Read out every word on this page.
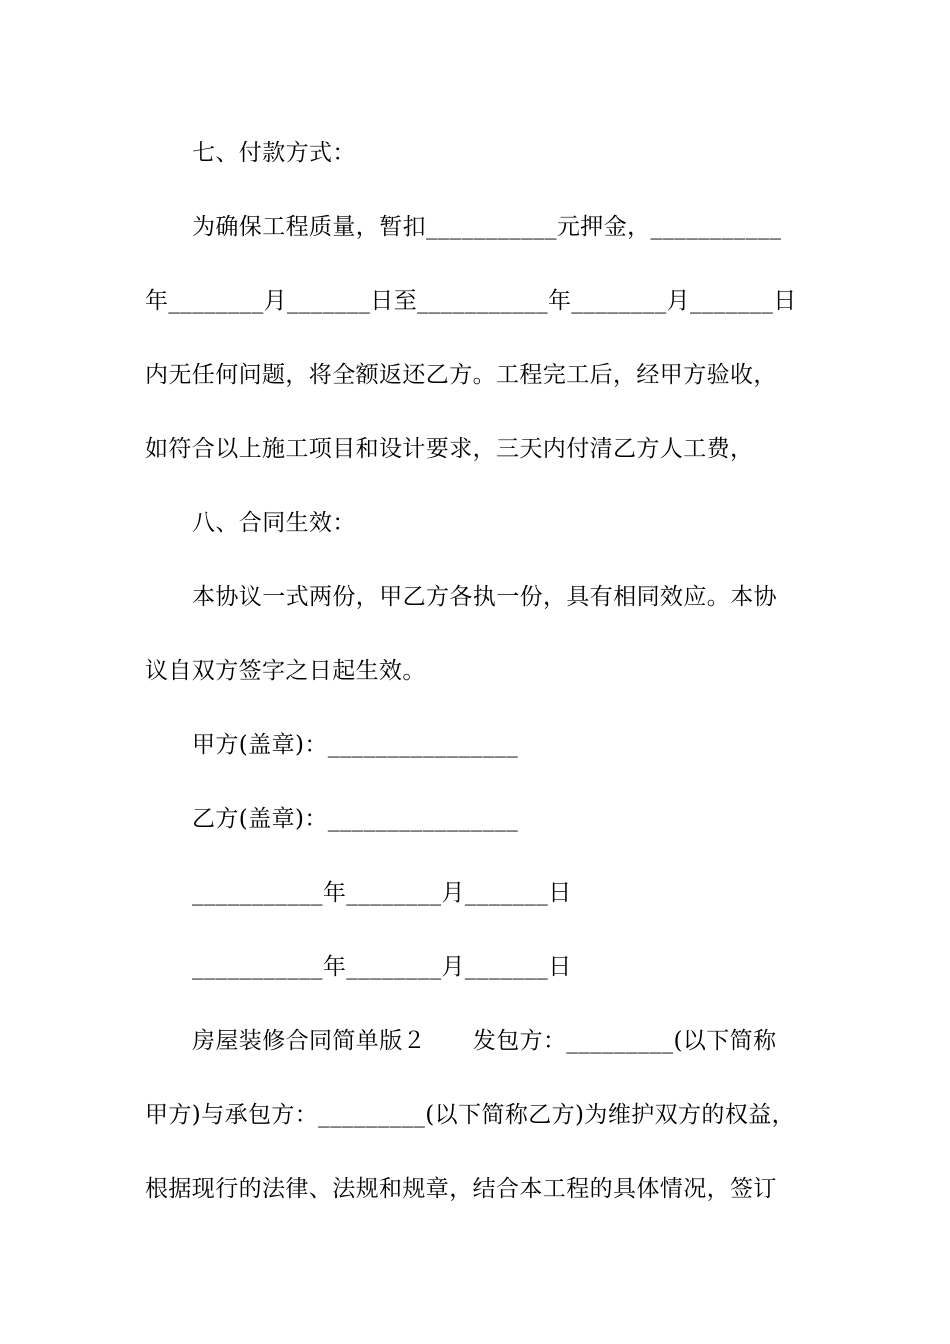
七、付款方式：
为确保工程质量，暂扣___________元押金，___________
年________月_______日至___________年________月_______日
内无任何问题，将全额返还乙方。工程完工后，经甲方验收，
如符合以上施工项目和设计要求，三天内付清乙方人工费，
八、合同生效：
本协议一式两份，甲乙方各执一份，具有相同效应。本协
议自双方签字之日起生效。
甲方(盖章)：________________
乙方(盖章)：________________
___________年________月_______日
___________年________月_______日
房屋装修合同简单版２　　发包方：_________(以下简称
甲方)与承包方：_________(以下简称乙方)为维护双方的权益，
根据现行的法律、法规和规章，结合本工程的具体情况，签订
